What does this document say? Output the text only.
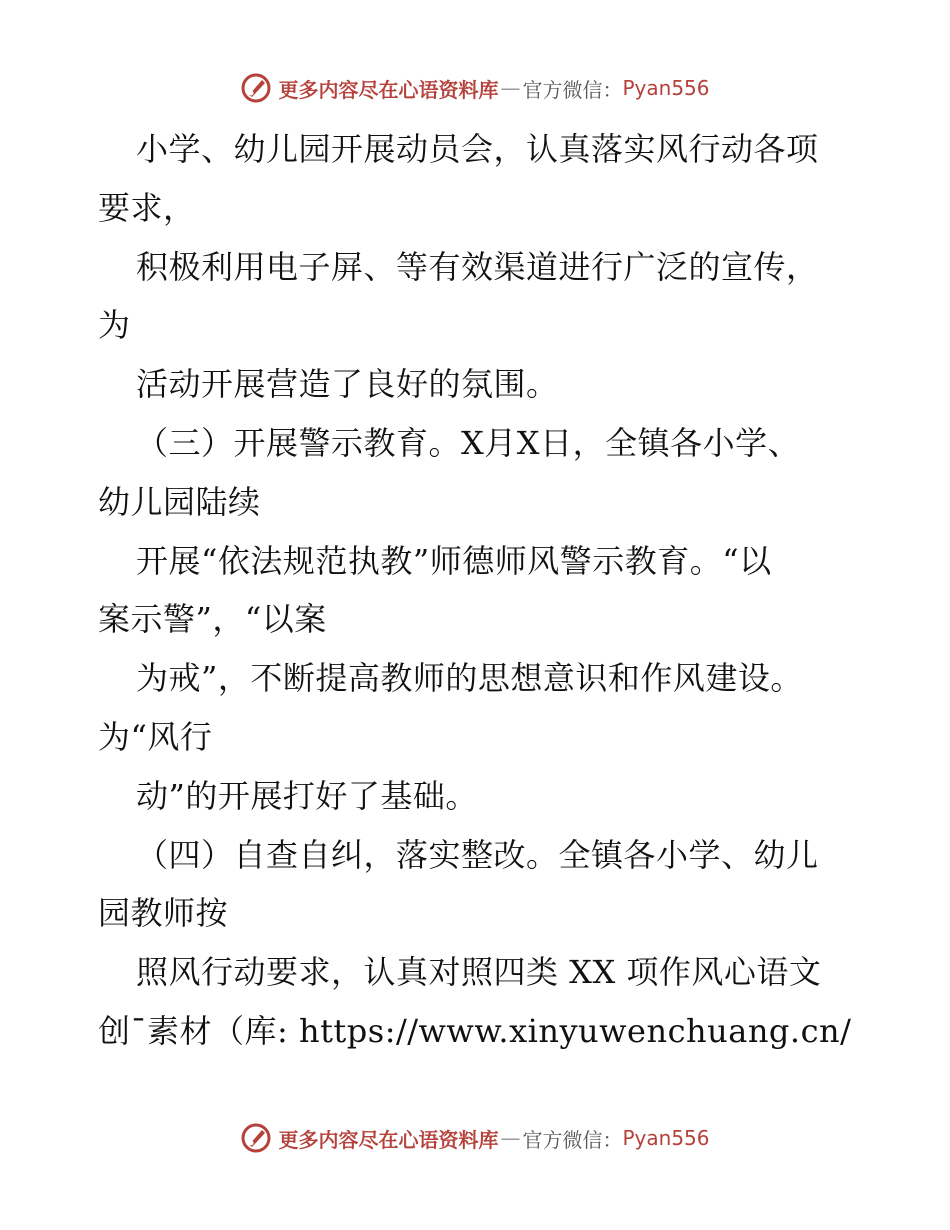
更多内容尽在心语资料库 — 官方微信： Pyan556
小学、幼儿园开展动员会，认真落实风行动各项
要求，
积极利用电子屏、等有效渠道进行广泛的宣传，
为
活动开展营造了良好的氛围。
（三）开展警示教育。X月X日，全镇各小学、
幼儿园陆续
开展“依法规范执教”师德师风警示教育。“以
案示警”，“以案
为戒”，不断提高教师的思想意识和作风建设。
为“风行
动”的开展打好了基础。
（四）自查自纠，落实整改。全镇各小学、幼儿
园教师按
照风行动要求，认真对照四类 XX 项作风心语文
创¯素材（库: https://www.xinyuwenchuang.cn/
更多内容尽在心语资料库 — 官方微信： Pyan556
